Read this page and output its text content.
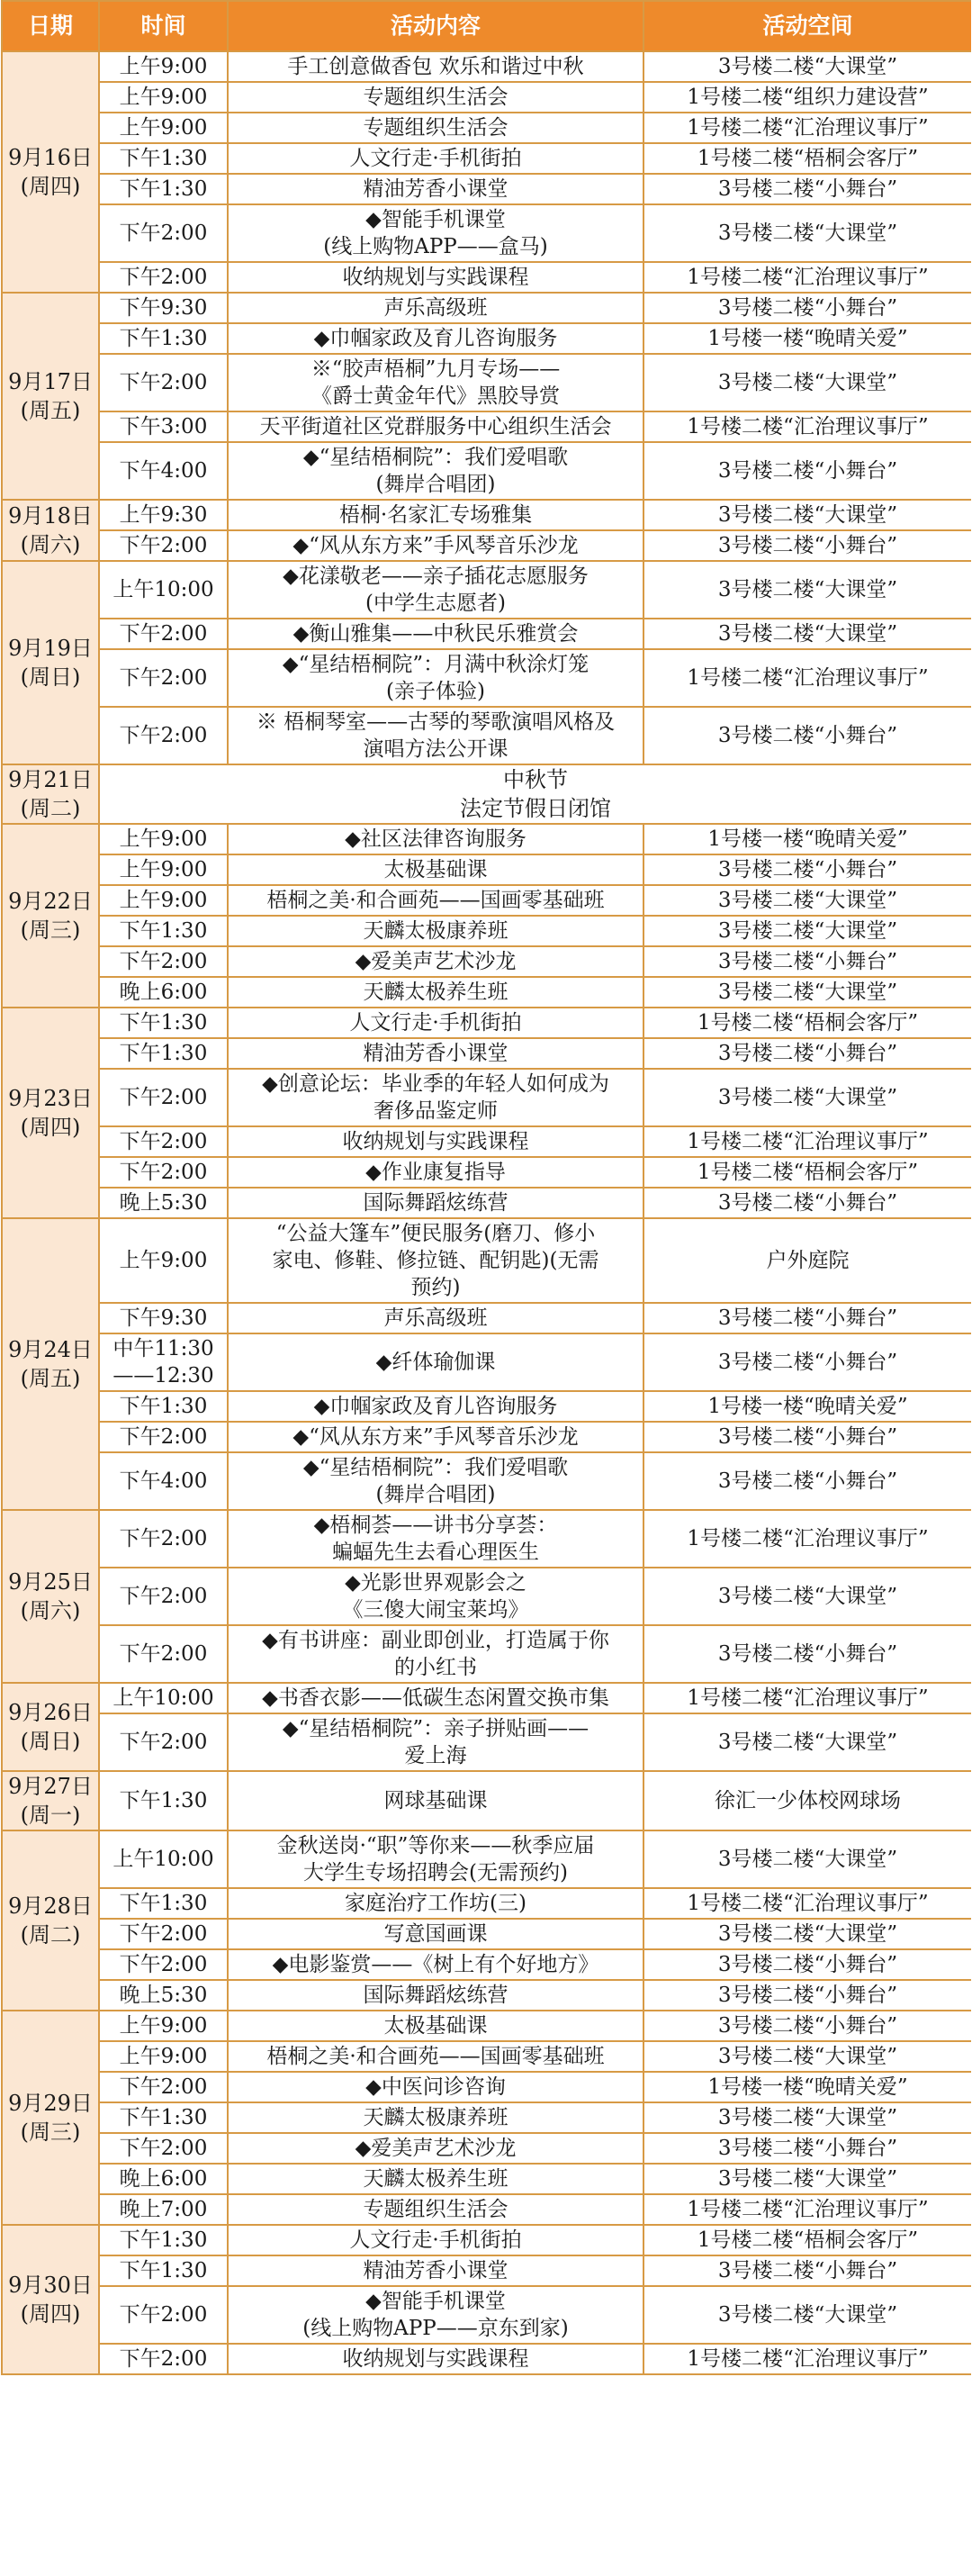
日期	时间	活动内容	活动空间

9月16日
(周四)	上午9:00	手工创意做香包 欢乐和谐过中秋	3号楼二楼“大课堂”

	上午9:00	专题组织生活会	1号楼二楼“组织力建设营”

	上午9:00	专题组织生活会	1号楼二楼“汇治理议事厅”

	下午1:30	人文行走·手机街拍	1号楼二楼“梧桐会客厅”

	下午1:30	精油芳香小课堂	3号楼二楼“小舞台”

	下午2:00	◆智能手机课堂
(线上购物APP——盒马)	3号楼二楼“大课堂”

	下午2:00	收纳规划与实践课程	1号楼二楼“汇治理议事厅”

9月17日
(周五)	下午9:30	声乐高级班	3号楼二楼“小舞台”

	下午1:30	◆巾帼家政及育儿咨询服务	1号楼一楼“晚晴关爱”

	下午2:00	※“胶声梧桐”九月专场——
《爵士黄金年代》黑胶导赏	3号楼二楼“大课堂”

	下午3:00	天平街道社区党群服务中心组织生活会	1号楼二楼“汇治理议事厅”

	下午4:00	◆“星结梧桐院”：我们爱唱歌
(舞岸合唱团)	3号楼二楼“小舞台”

9月18日
(周六)	上午9:30	梧桐·名家汇专场雅集	3号楼二楼“大课堂”

	下午2:00	◆“风从东方来”手风琴音乐沙龙	3号楼二楼“小舞台”

9月19日
(周日)	上午10:00	◆花漾敬老——亲子插花志愿服务
(中学生志愿者)	3号楼二楼“大课堂”

	下午2:00	◆衡山雅集——中秋民乐雅赏会	3号楼二楼“大课堂”

	下午2:00	◆“星结梧桐院”：月满中秋涂灯笼
(亲子体验)	1号楼二楼“汇治理议事厅”

	下午2:00	※ 梧桐琴室——古琴的琴歌演唱风格及
演唱方法公开课	3号楼二楼“小舞台”

9月21日
(周二)	中秋节
法定节假日闭馆		

9月22日
(周三)	上午9:00	◆社区法律咨询服务	1号楼一楼“晚晴关爱”

	上午9:00	太极基础课	3号楼二楼“小舞台”

	上午9:00	梧桐之美·和合画苑——国画零基础班	3号楼二楼“大课堂”

	下午1:30	天麟太极康养班	3号楼二楼“大课堂”

	下午2:00	◆爱美声艺术沙龙	3号楼二楼“小舞台”

	晚上6:00	天麟太极养生班	3号楼二楼“大课堂”

9月23日
(周四)	下午1:30	人文行走·手机街拍	1号楼二楼“梧桐会客厅”

	下午1:30	精油芳香小课堂	3号楼二楼“小舞台”

	下午2:00	◆创意论坛：毕业季的年轻人如何成为
奢侈品鉴定师	3号楼二楼“大课堂”

	下午2:00	收纳规划与实践课程	1号楼二楼“汇治理议事厅”

	下午2:00	◆作业康复指导	1号楼二楼“梧桐会客厅”

	晚上5:30	国际舞蹈炫练营	3号楼二楼“小舞台”

9月24日
(周五)	上午9:00	“公益大篷车”便民服务(磨刀、修小
家电、修鞋、修拉链、配钥匙)(无需
预约)	户外庭院

	下午9:30	声乐高级班	3号楼二楼“小舞台”

	中午11:30
——12:30	◆纤体瑜伽课	3号楼二楼“小舞台”

	下午1:30	◆巾帼家政及育儿咨询服务	1号楼一楼“晚晴关爱”

	下午2:00	◆“风从东方来”手风琴音乐沙龙	3号楼二楼“小舞台”

	下午4:00	◆“星结梧桐院”：我们爱唱歌
(舞岸合唱团)	3号楼二楼“小舞台”

9月25日
(周六)	下午2:00	◆梧桐荟——讲书分享荟：
蝙蝠先生去看心理医生	1号楼二楼“汇治理议事厅”

	下午2:00	◆光影世界观影会之
《三傻大闹宝莱坞》	3号楼二楼“大课堂”

	下午2:00	◆有书讲座：副业即创业，打造属于你
的小红书	3号楼二楼“小舞台”

9月26日
(周日)	上午10:00	◆书香衣影——低碳生态闲置交换市集	1号楼二楼“汇治理议事厅”

	下午2:00	◆“星结梧桐院”：亲子拼贴画——
爱上海	3号楼二楼“大课堂”

9月27日
(周一)	下午1:30	网球基础课	徐汇一少体校网球场

9月28日
(周二)	上午10:00	金秋送岗·“职”等你来——秋季应届
大学生专场招聘会(无需预约)	3号楼二楼“大课堂”

	下午1:30	家庭治疗工作坊(三)	1号楼二楼“汇治理议事厅”

	下午2:00	写意国画课	3号楼二楼“大课堂”

	下午2:00	◆电影鉴赏——《树上有个好地方》	3号楼二楼“小舞台”

	晚上5:30	国际舞蹈炫练营	3号楼二楼“小舞台”

9月29日
(周三)	上午9:00	太极基础课	3号楼二楼“小舞台”

	上午9:00	梧桐之美·和合画苑——国画零基础班	3号楼二楼“大课堂”

	下午2:00	◆中医问诊咨询	1号楼一楼“晚晴关爱”

	下午1:30	天麟太极康养班	3号楼二楼“大课堂”

	下午2:00	◆爱美声艺术沙龙	3号楼二楼“小舞台”

	晚上6:00	天麟太极养生班	3号楼二楼“大课堂”

	晚上7:00	专题组织生活会	1号楼二楼“汇治理议事厅”

9月30日
(周四)	下午1:30	人文行走·手机街拍	1号楼二楼“梧桐会客厅”

	下午1:30	精油芳香小课堂	3号楼二楼“小舞台”

	下午2:00	◆智能手机课堂
(线上购物APP——京东到家)	3号楼二楼“大课堂”

	下午2:00	收纳规划与实践课程	1号楼二楼“汇治理议事厅”
